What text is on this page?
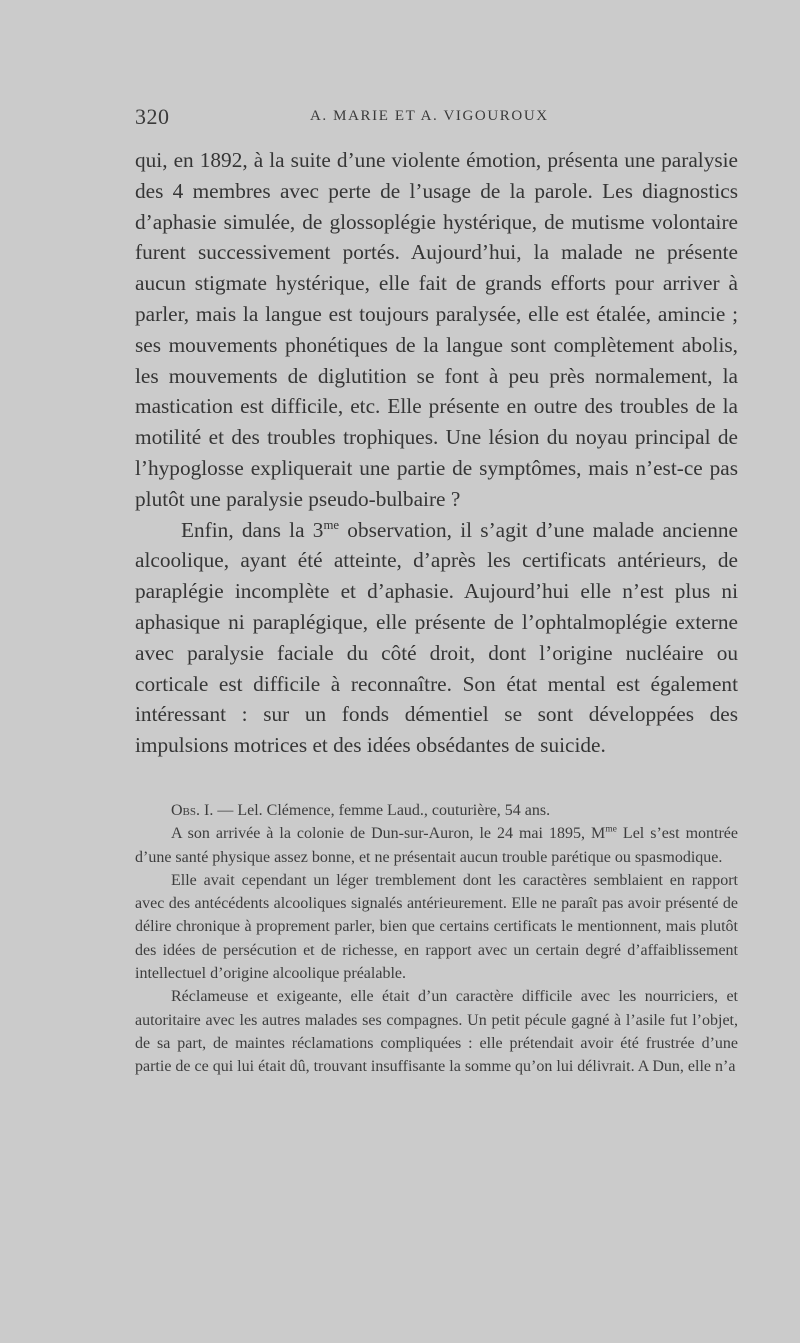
320	A. MARIE ET A. VIGOUROUX

qui, en 1892, à la suite d’une violente émotion, présenta une paralysie des 4 membres avec perte de l’usage de la parole. Les diagnostics d’aphasie simulée, de glossoplégie hystérique, de mutisme volontaire furent successivement portés. Aujourd’hui, la malade ne présente aucun stigmate hystérique, elle fait de grands efforts pour arriver à parler, mais la langue est toujours paralysée, elle est étalée, amincie ; ses mouvements phonétiques de la langue sont complètement abolis, les mouvements de diglutition se font à peu près normalement, la mastication est difficile, etc. Elle présente en outre des troubles de la motilité et des troubles trophiques. Une lésion du noyau principal de l’hypoglosse expliquerait une partie de symptômes, mais n’est-ce pas plutôt une paralysie pseudo-bulbaire ?

Enfin, dans la $3^{me}$ observation, il s’agit d’une malade ancienne alcoolique, ayant été atteinte, d’après les certificats antérieurs, de paraplégie incomplète et d’aphasie. Aujourd’hui elle n’est plus ni aphasique ni paraplégique, elle présente de l’ophtalmoplégie externe avec paralysie faciale du côté droit, dont l’origine nucléaire ou corticale est difficile à reconnaître. Son état mental est également intéressant : sur un fonds démentiel se sont développées des impulsions motrices et des idées obsédantes de suicide.

Obs. I. — Lel. Clémence, femme Laud., couturière, 54 ans.

A son arrivée à la colonie de Dun-sur-Auron, le 24 mai 1895, $M^{me}$ Lel s’est montrée d’une santé physique assez bonne, et ne présentait aucun trouble parétique ou spasmodique.

Elle avait cependant un léger tremblement dont les caractères semblaient en rapport avec des antécédents alcooliques signalés antérieurement. Elle ne paraît pas avoir présenté de délire chronique à proprement parler, bien que certains certificats le mentionnent, mais plutôt des idées de persécution et de richesse, en rapport avec un certain degré d’affaiblissement intellectuel d’origine alcoolique préalable.

Réclameuse et exigeante, elle était d’un caractère difficile avec les nourriciers, et autoritaire avec les autres malades ses compagnes. Un petit pécule gagné à l’asile fut l’objet, de sa part, de maintes réclamations compliquées : elle prétendait avoir été frustrée d’une partie de ce qui lui était dû, trouvant insuffisante la somme qu’on lui délivrait. A Dun, elle n’a
